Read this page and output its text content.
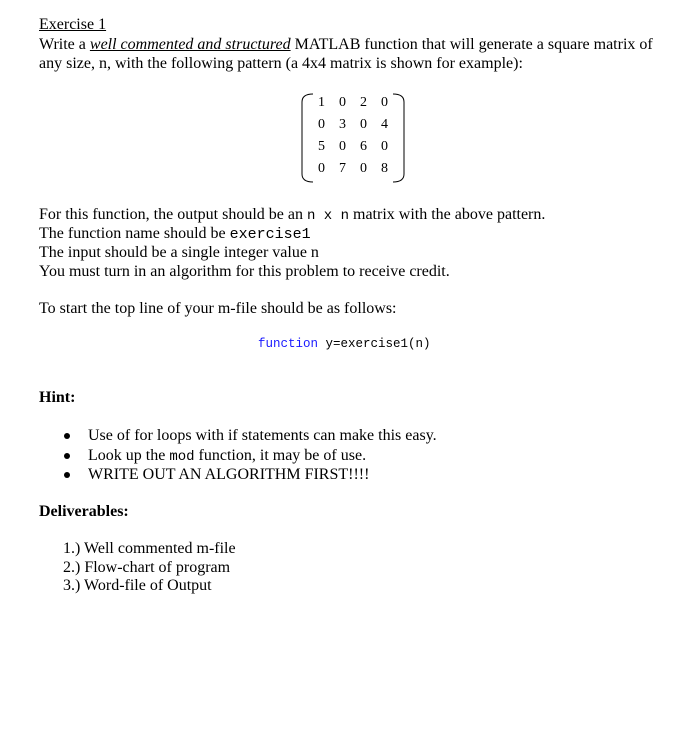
Exercise 1
Write a well commented and structured MATLAB function that will generate a square matrix of any size, n, with the following pattern (a 4x4 matrix is shown for example):
1	0	2	0
0	3	0	4
5	0	6	0
0	7	0	8
For this function, the output should be an n x n matrix with the above pattern.
The function name should be exercise1
The input should be a single integer value n
You must turn in an algorithm for this problem to receive credit.
To start the top line of your m-file should be as follows:
function y=exercise1(n)
Hint:
Use of for loops with if statements can make this easy.
Look up the mod function, it may be of use.
WRITE OUT AN ALGORITHM FIRST!!!!
Deliverables:
1.) Well commented m-file
2.) Flow-chart of program
3.) Word-file of Output
